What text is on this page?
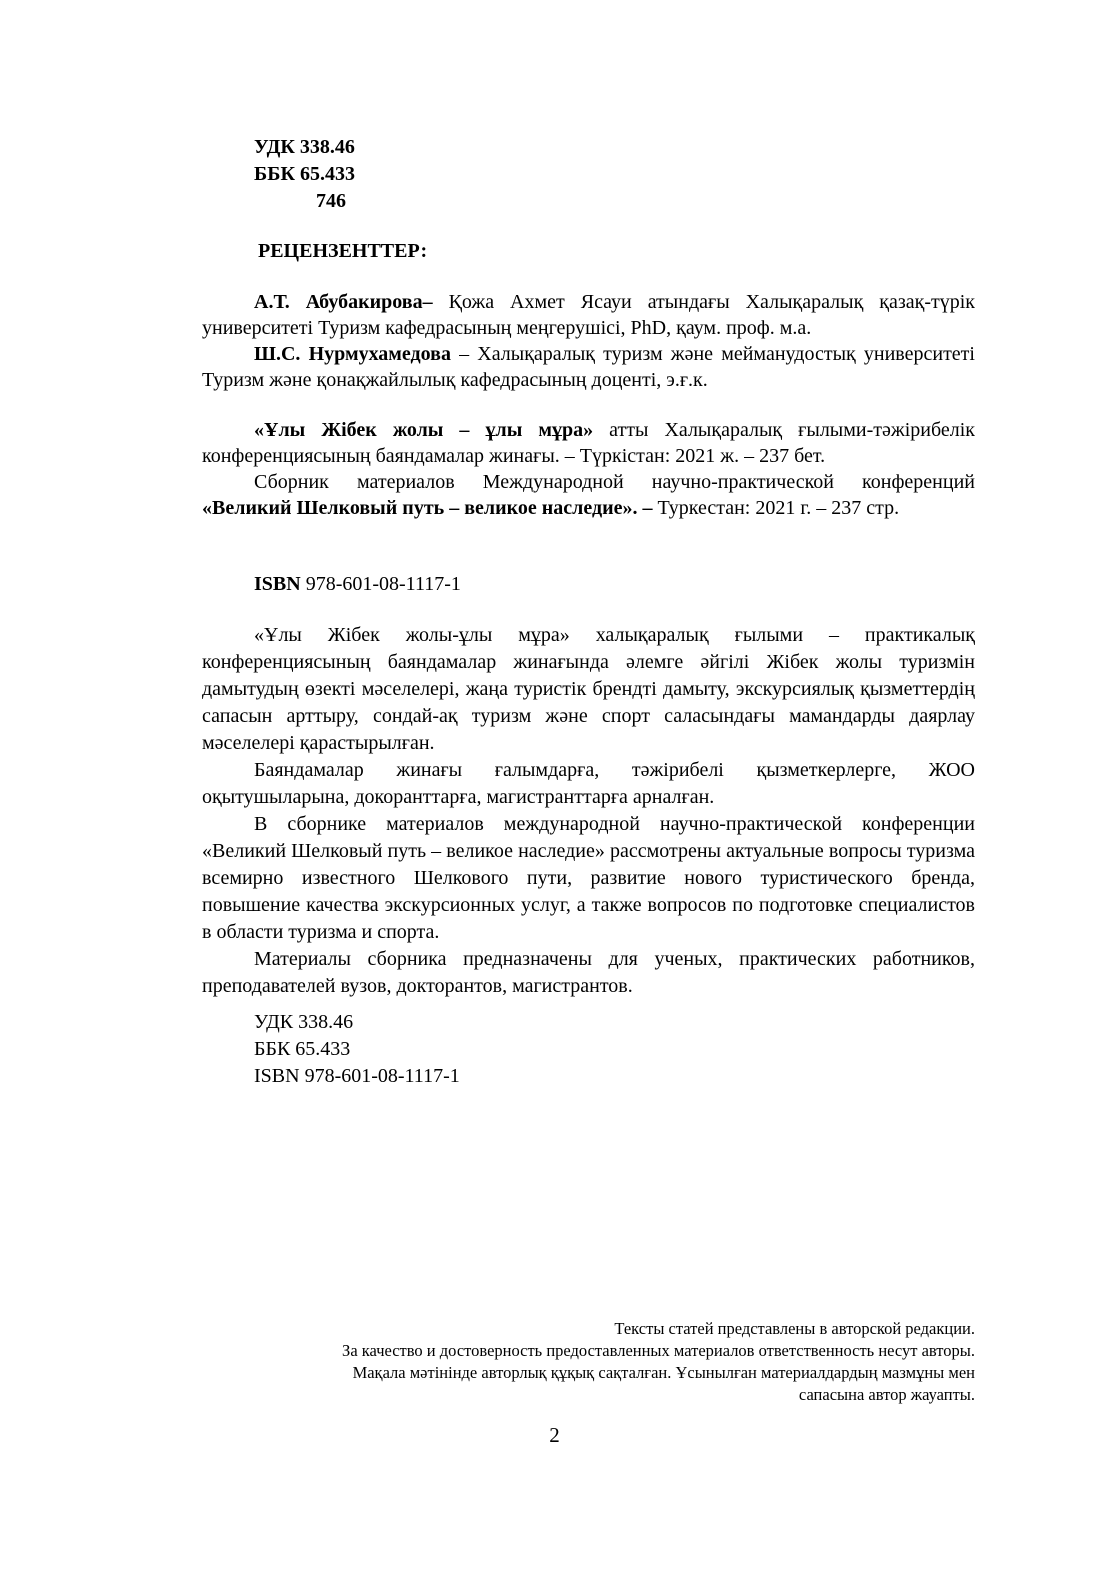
УДК 338.46
ББК 65.433
746
РЕЦЕНЗЕНТТЕР:

А.Т. Абубакирова– Қожа Ахмет Ясауи атындағы Халықаралық қазақ-түрік университеті Туризм кафедрасының меңгерушісі, PhD, қаум. проф. м.а.

Ш.С. Нурмухамедова – Халықаралық туризм және мейманудостық университеті Туризм және қонақжайлылық кафедрасының доценті, э.ғ.к.

«Ұлы Жібек жолы – ұлы мұра» атты Халықаралық ғылыми-тәжірибелік конференциясының баяндамалар жинағы. – Түркістан: 2021 ж. – 237 бет.

Сборник материалов Международной научно-практической конференций «Великий Шелковый путь – великое наследие». – Туркестан: 2021 г. – 237 стр.

ISBN 978-601-08-1117-1

«Ұлы Жібек жолы-ұлы мұра» халықаралық ғылыми – практикалық конференциясының баяндамалар жинағында әлемге әйгілі Жібек жолы туризмін дамытудың өзекті мәселелері, жаңа туристік брендті дамыту, экскурсиялық қызметтердің сапасын арттыру, сондай-ақ туризм және спорт саласындағы мамандарды даярлау мәселелері қарастырылған.

Баяндамалар жинағы ғалымдарға, тәжірибелі қызметкерлерге, ЖОО оқытушыларына, докоранттарға, магистранттарға арналған.

В сборнике материалов международной научно-практической конференции «Великий Шелковый путь – великое наследие» рассмотрены актуальные вопросы туризма всемирно известного Шелкового пути, развитие нового туристического бренда, повышение качества экскурсионных услуг, а также вопросов по подготовке специалистов в области туризма и спорта.

Материалы сборника предназначены для ученых, практических работников, преподавателей вузов, докторантов, магистрантов.

УДК 338.46
ББК 65.433
ISBN 978-601-08-1117-1
Тексты статей представлены в авторской редакции.
За качество и достоверность предоставленных материалов ответственность несут авторы.
Мақала мәтінінде авторлық құқық сақталған. Ұсынылған материалдардың мазмұны мен
сапасына автор жауапты.
2
